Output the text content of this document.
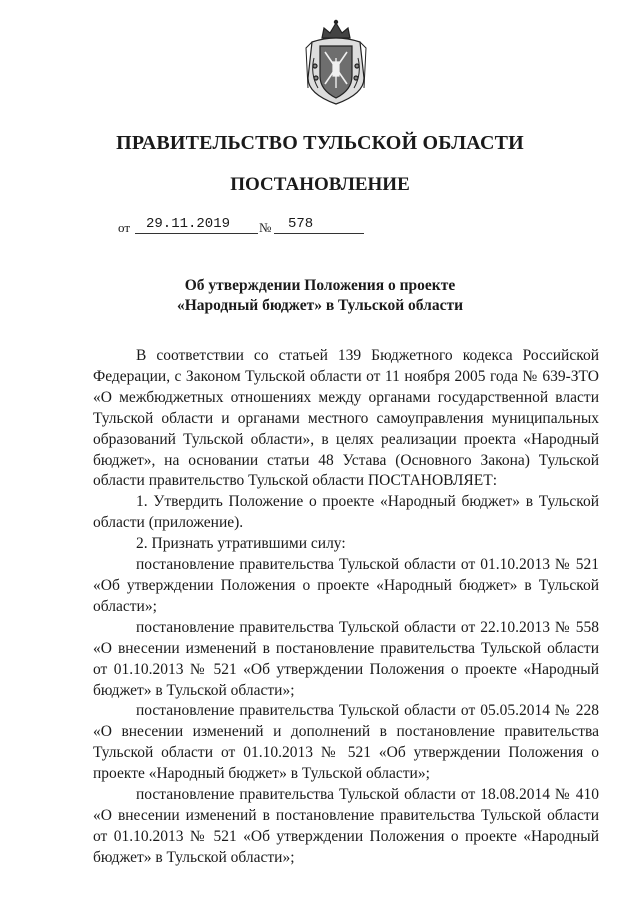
ПРАВИТЕЛЬСТВО ТУЛЬСКОЙ ОБЛАСТИ
ПОСТАНОВЛЕНИЕ
от 29.11.2019 № 578
Об утверждении Положения о проекте
«Народный бюджет» в Тульской области

В соответствии со статьей 139 Бюджетного кодекса Российской Федерации, с Законом Тульской области от 11 ноября 2005 года № 639-ЗТО «О межбюджетных отношениях между органами государственной власти Тульской области и органами местного самоуправления муниципальных образований Тульской области», в целях реализации проекта «Народный бюджет», на основании статьи 48 Устава (Основного Закона) Тульской области правительство Тульской области ПОСТАНОВЛЯЕТ:

1. Утвердить Положение о проекте «Народный бюджет» в Тульской области (приложение).

2. Признать утратившими силу:

постановление правительства Тульской области от 01.10.2013 № 521 «Об утверждении Положения о проекте «Народный бюджет» в Тульской области»;

постановление правительства Тульской области от 22.10.2013 № 558 «О внесении изменений в постановление правительства Тульской области от 01.10.2013 № 521 «Об утверждении Положения о проекте «Народный бюджет» в Тульской области»;

постановление правительства Тульской области от 05.05.2014 № 228 «О внесении изменений и дополнений в постановление правительства Тульской области от 01.10.2013 № 521 «Об утверждении Положения о проекте «Народный бюджет» в Тульской области»;

постановление правительства Тульской области от 18.08.2014 № 410 «О внесении изменений в постановление правительства Тульской области от 01.10.2013 № 521 «Об утверждении Положения о проекте «Народный бюджет» в Тульской области»;
